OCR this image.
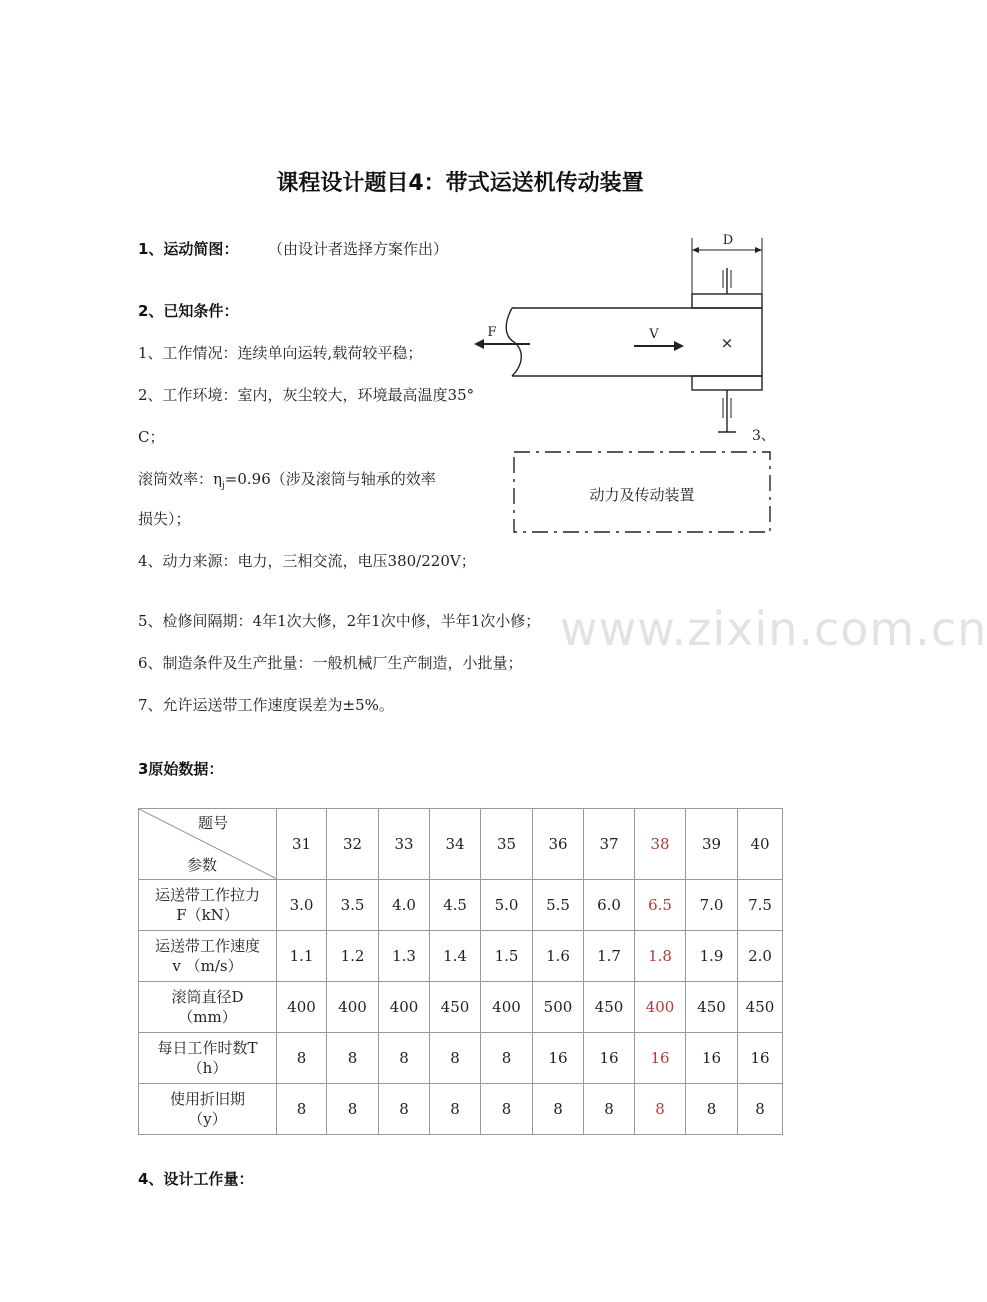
课程设计题目4：带式运送机传动装置
1、运动简图： （由设计者选择方案作出）
2、已知条件：
1、工作情况：连续单向运转,载荷较平稳；
2、工作环境：室内，灰尘较大，环境最高温度35°
C；
滚筒效率：$\eta_j=0.96$（涉及滚筒与轴承的效率
损失）；
4、动力来源：电力，三相交流，电压380/220V；
5、检修间隔期：4年1次大修，2年1次中修，半年1次小修；
6、制造条件及生产批量：一般机械厂生产制造，小批量；
7、允许运送带工作速度误差为±5%。
www.zixin.com.cn
D
F	V	×
3、
动力及传动装置
3原始数据：
题号
参数	31	32	33	34	35	36	37	38	39	40

运送带工作拉力
F（kN）	3.0	3.5	4.0	4.5	5.0	5.5	6.0	6.5	7.0	7.5

运送带工作速度
v （m/s）	1.1	1.2	1.3	1.4	1.5	1.6	1.7	1.8	1.9	2.0

滚筒直径D
（mm）	400	400	400	450	400	500	450	400	450	450

每日工作时数T
（h）	8	8	8	8	8	16	16	16	16	16

使用折旧期
（y）	8	8	8	8	8	8	8	8	8	8
4、设计工作量：
